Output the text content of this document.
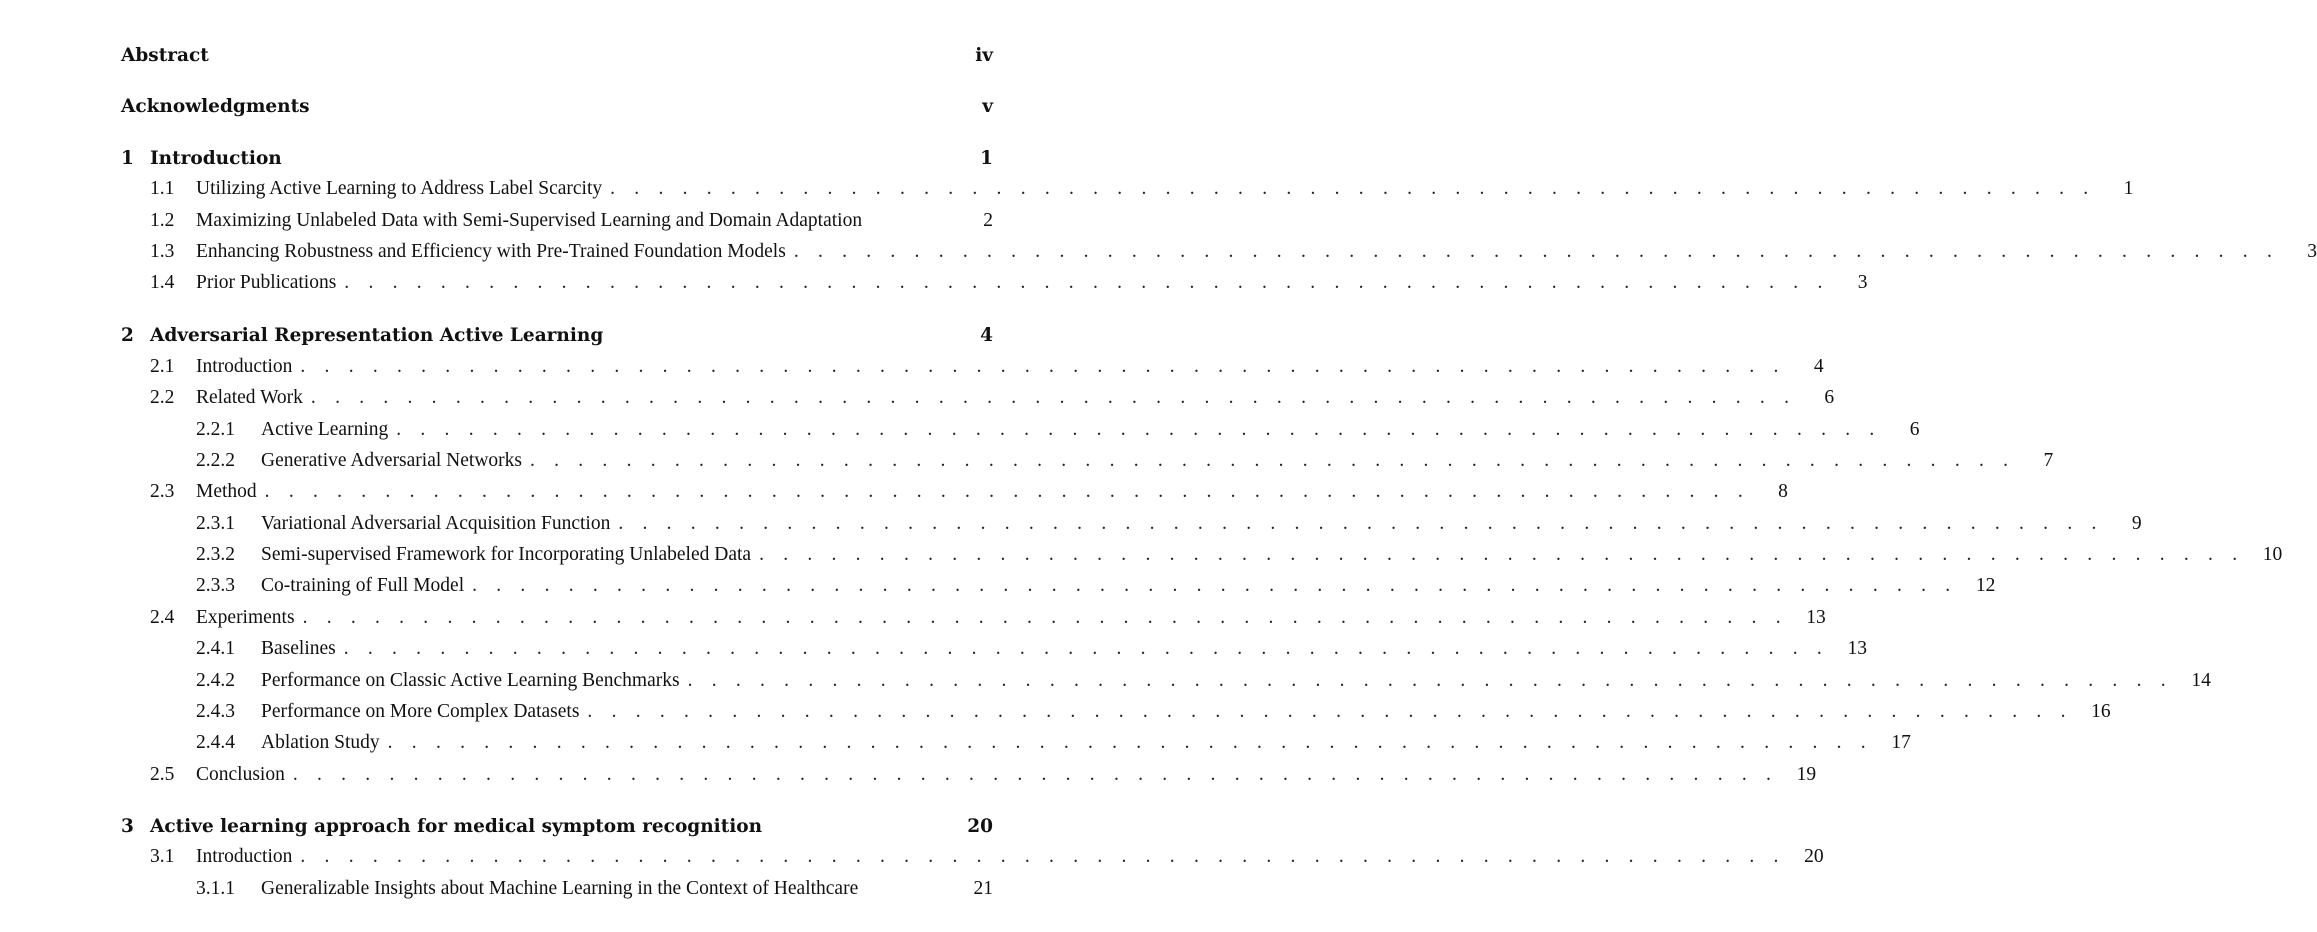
Abstract	iv
Acknowledgments	v
1 Introduction	1
1.1	Utilizing Active Learning to Address Label Scarcity . . . . . . . . . . . . . . . . . . . . . . . . . . . . . . . . . . . . . . . . . . . . . . . . . . . . . . . . . . . . . .	1
1.2	Maximizing Unlabeled Data with Semi-Supervised Learning and Domain Adaptation	2
1.3	Enhancing Robustness and Efficiency with Pre-Trained Foundation Models . . . . . . . . . . . . . . . . . . . . . . . . . . . . . . . . . . . . . . . . . . . . . . . . . . . . . . . . . . . . . .	3
1.4	Prior Publications . . . . . . . . . . . . . . . . . . . . . . . . . . . . . . . . . . . . . . . . . . . . . . . . . . . . . . . . . . . . . .	3
2 Adversarial Representation Active Learning	4
2.1	Introduction . . . . . . . . . . . . . . . . . . . . . . . . . . . . . . . . . . . . . . . . . . . . . . . . . . . . . . . . . . . . . .	4
2.2	Related Work . . . . . . . . . . . . . . . . . . . . . . . . . . . . . . . . . . . . . . . . . . . . . . . . . . . . . . . . . . . . . .	6
2.2.1	Active Learning . . . . . . . . . . . . . . . . . . . . . . . . . . . . . . . . . . . . . . . . . . . . . . . . . . . . . . . . . . . . . .	6
2.2.2	Generative Adversarial Networks . . . . . . . . . . . . . . . . . . . . . . . . . . . . . . . . . . . . . . . . . . . . . . . . . . . . . . . . . . . . . .	7
2.3	Method . . . . . . . . . . . . . . . . . . . . . . . . . . . . . . . . . . . . . . . . . . . . . . . . . . . . . . . . . . . . . .	8
2.3.1	Variational Adversarial Acquisition Function . . . . . . . . . . . . . . . . . . . . . . . . . . . . . . . . . . . . . . . . . . . . . . . . . . . . . . . . . . . . . .	9
2.3.2	Semi-supervised Framework for Incorporating Unlabeled Data . . . . . . . . . . . . . . . . . . . . . . . . . . . . . . . . . . . . . . . . . . . . . . . . . . . . . . . . . . . . . . 10
2.3.3	Co-training of Full Model . . . . . . . . . . . . . . . . . . . . . . . . . . . . . . . . . . . . . . . . . . . . . . . . . . . . . . . . . . . . . . 12
2.4	Experiments . . . . . . . . . . . . . . . . . . . . . . . . . . . . . . . . . . . . . . . . . . . . . . . . . . . . . . . . . . . . . . 13
2.4.1	Baselines . . . . . . . . . . . . . . . . . . . . . . . . . . . . . . . . . . . . . . . . . . . . . . . . . . . . . . . . . . . . . . 13
2.4.2	Performance on Classic Active Learning Benchmarks . . . . . . . . . . . . . . . . . . . . . . . . . . . . . . . . . . . . . . . . . . . . . . . . . . . . . . . . . . . . . . 14
2.4.3	Performance on More Complex Datasets . . . . . . . . . . . . . . . . . . . . . . . . . . . . . . . . . . . . . . . . . . . . . . . . . . . . . . . . . . . . . . 16
2.4.4	Ablation Study . . . . . . . . . . . . . . . . . . . . . . . . . . . . . . . . . . . . . . . . . . . . . . . . . . . . . . . . . . . . . . 17
2.5	Conclusion . . . . . . . . . . . . . . . . . . . . . . . . . . . . . . . . . . . . . . . . . . . . . . . . . . . . . . . . . . . . . . 19
3 Active learning approach for medical symptom recognition	20
3.1	Introduction . . . . . . . . . . . . . . . . . . . . . . . . . . . . . . . . . . . . . . . . . . . . . . . . . . . . . . . . . . . . . . 20
3.1.1	Generalizable Insights about Machine Learning in the Context of Healthcare	21
